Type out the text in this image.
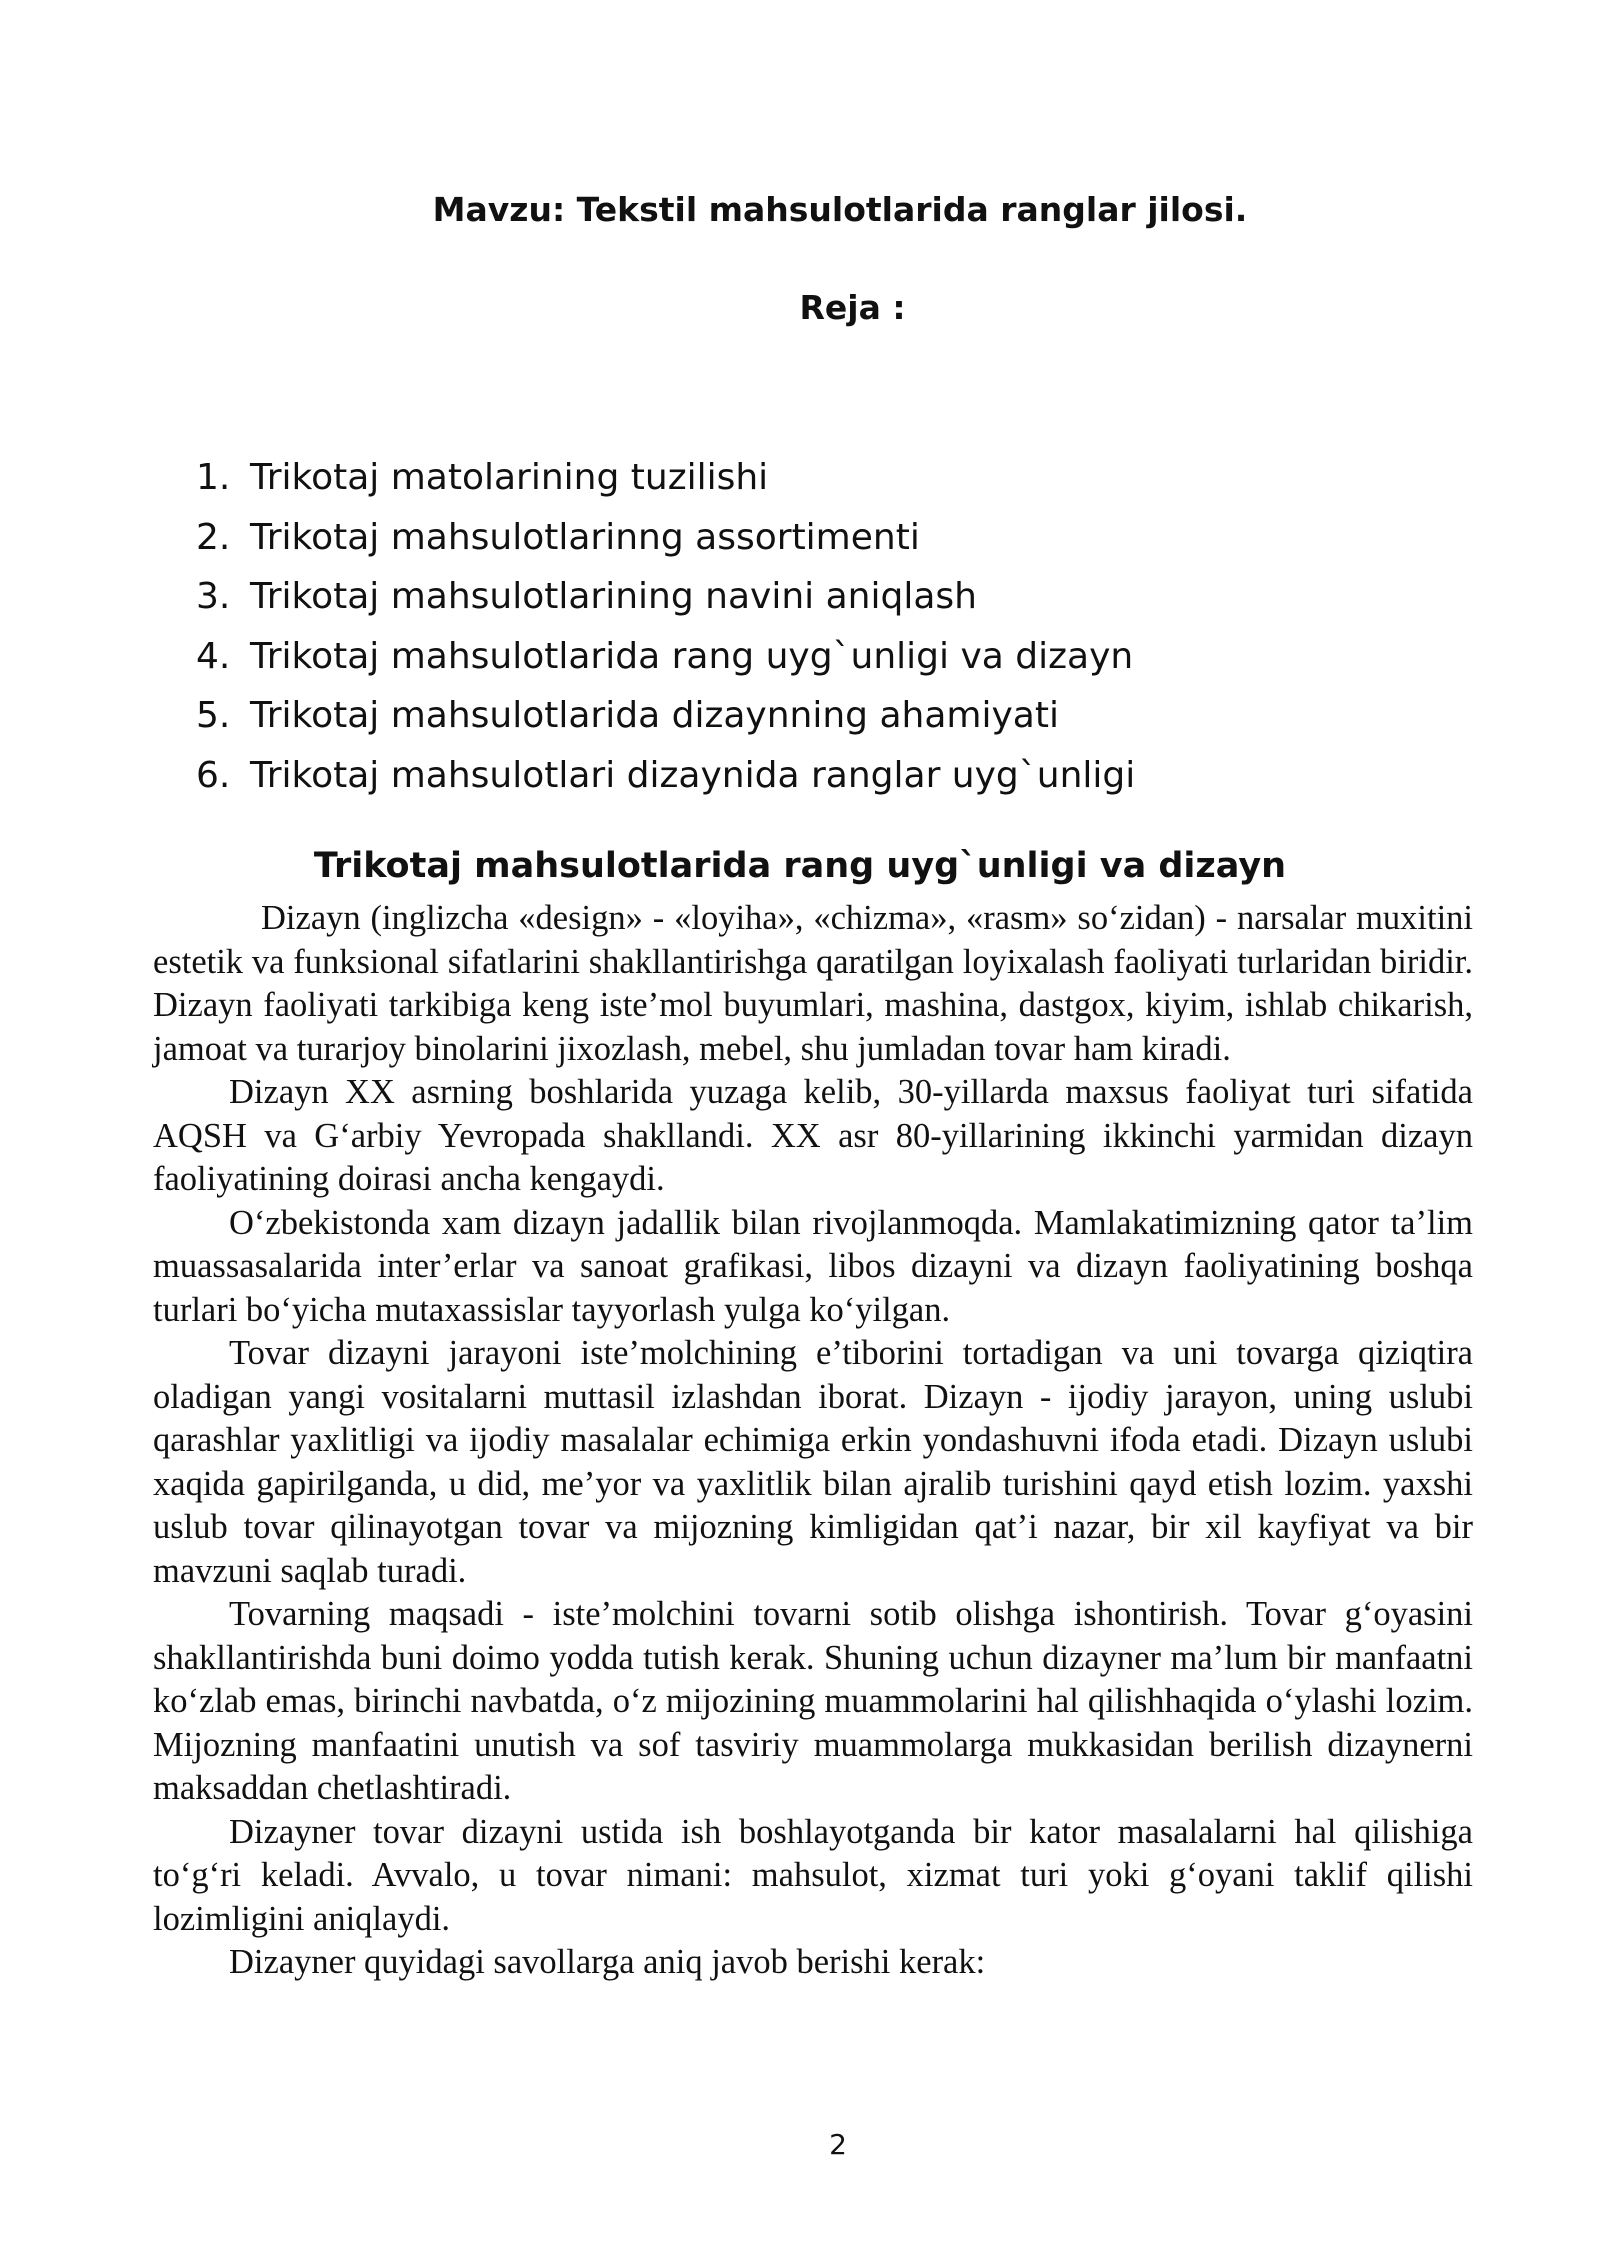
Mavzu: Tekstil mahsulotlarida ranglar jilosi.
Reja :
1. Trikotaj matolarining tuzilishi
2. Trikotaj mahsulotlarinng assortimenti
3. Trikotaj mahsulotlarining navini aniqlash
4. Trikotaj mahsulotlarida rang uyg`unligi va dizayn
5. Trikotaj mahsulotlarida dizaynning ahamiyati
6. Trikotaj mahsulotlari dizaynida ranglar uyg`unligi
Trikotaj mahsulotlarida rang uyg`unligi va dizayn

Dizayn (inglizcha «design» - «loyiha», «chizma», «rasm» so‘zidan) - narsalar muxitini estetik va funksional sifatlarini shakllantirishga qaratilgan loyixalash faoliyati turlaridan biridir. Dizayn faoliyati tarkibiga keng iste’mol buyumlari, mashina, dastgox, kiyim, ishlab chikarish, jamoat va turarjoy binolarini jixozlash, mebel, shu jumladan tovar ham kiradi.

Dizayn XX asrning boshlarida yuzaga kelib, 30-yillarda maxsus faoliyat turi sifatida AQSH va G‘arbiy Yevropada shakllandi. XX asr 80-yillarining ikkinchi yarmidan dizayn faoliyatining doirasi ancha kengaydi.

O‘zbekistonda xam dizayn jadallik bilan rivojlanmoqda. Mamlakatimizning qator ta’lim muassasalarida inter’erlar va sanoat grafikasi, libos dizayni va dizayn faoliyatining boshqa turlari bo‘yicha mutaxassislar tayyorlash yulga ko‘yilgan.

Tovar dizayni jarayoni iste’molchining e’tiborini tortadigan va uni tovarga qiziqtira oladigan yangi vositalarni muttasil izlashdan iborat. Dizayn - ijodiy jarayon, uning uslubi qarashlar yaxlitligi va ijodiy masalalar echimiga erkin yondashuvni ifoda etadi. Dizayn uslubi xaqida gapirilganda, u did, me’yor va yaxlitlik bilan ajralib turishini qayd etish lozim. yaxshi uslub tovar qilinayotgan tovar va mijozning kimligidan qat’i nazar, bir xil kayfiyat va bir mavzuni saqlab turadi.

Tovarning maqsadi - iste’molchini tovarni sotib olishga ishontirish. Tovar g‘oyasini shakllantirishda buni doimo yodda tutish kerak. Shuning uchun dizayner ma’lum bir manfaatni ko‘zlab emas, birinchi navbatda, o‘z mijozining muammolarini hal qilishhaqida o‘ylashi lozim. Mijozning manfaatini unutish va sof tasviriy muammolarga mukkasidan berilish dizaynerni maksaddan chetlashtiradi.

Dizayner tovar dizayni ustida ish boshlayotganda bir kator masalalarni hal qilishiga to‘g‘ri keladi. Avvalo, u tovar nimani: mahsulot, xizmat turi yoki g‘oyani taklif qilishi lozimligini aniqlaydi.

Dizayner quyidagi savollarga aniq javob berishi kerak:

2
